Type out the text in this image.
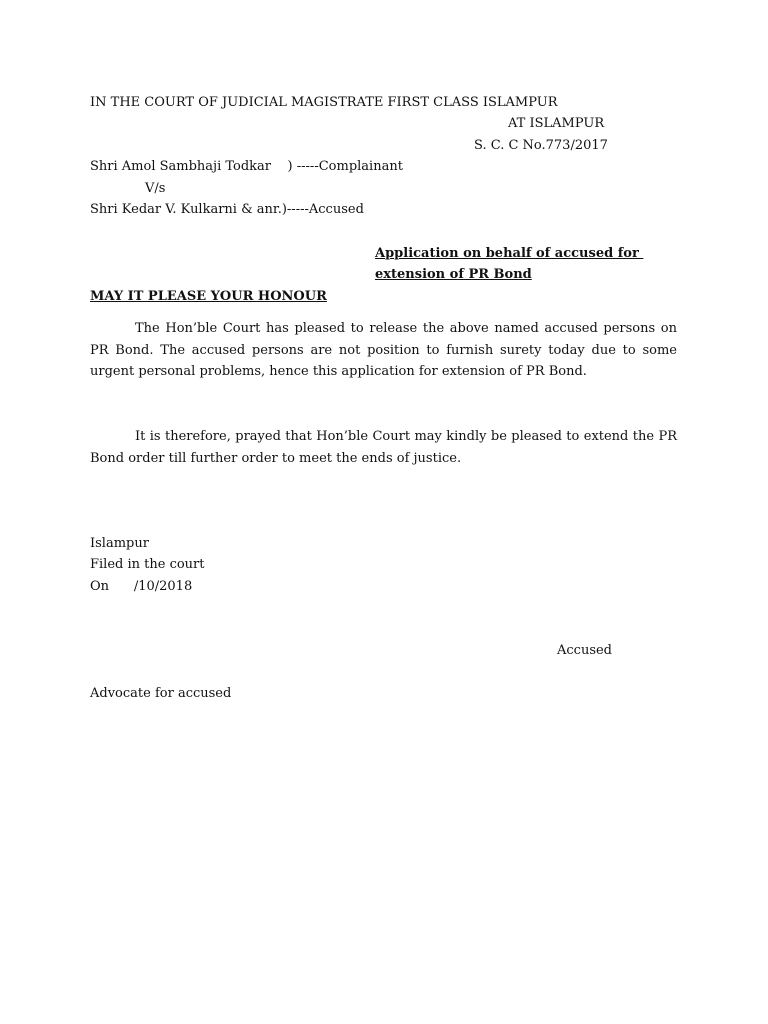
IN THE COURT OF JUDICIAL MAGISTRATE FIRST CLASS ISLAMPUR
AT ISLAMPUR
S. C. C No.773/2017
Shri Amol Sambhaji Todkar    ) -----Complainant
V/s
Shri Kedar V. Kulkarni & anr.)-----Accused
Application on behalf of accused for
extension of PR Bond
MAY IT PLEASE YOUR HONOUR
The Hon’ble Court has pleased to release the above named accused persons on PR Bond. The accused persons are not position to furnish surety today due to some urgent personal problems, hence this application for extension of PR Bond.
It is therefore, prayed that Hon’ble Court may kindly be pleased to extend the PR Bond order till further order to meet the ends of justice.
Islampur
Filed in the court
On      /10/2018
Accused
Advocate for accused
